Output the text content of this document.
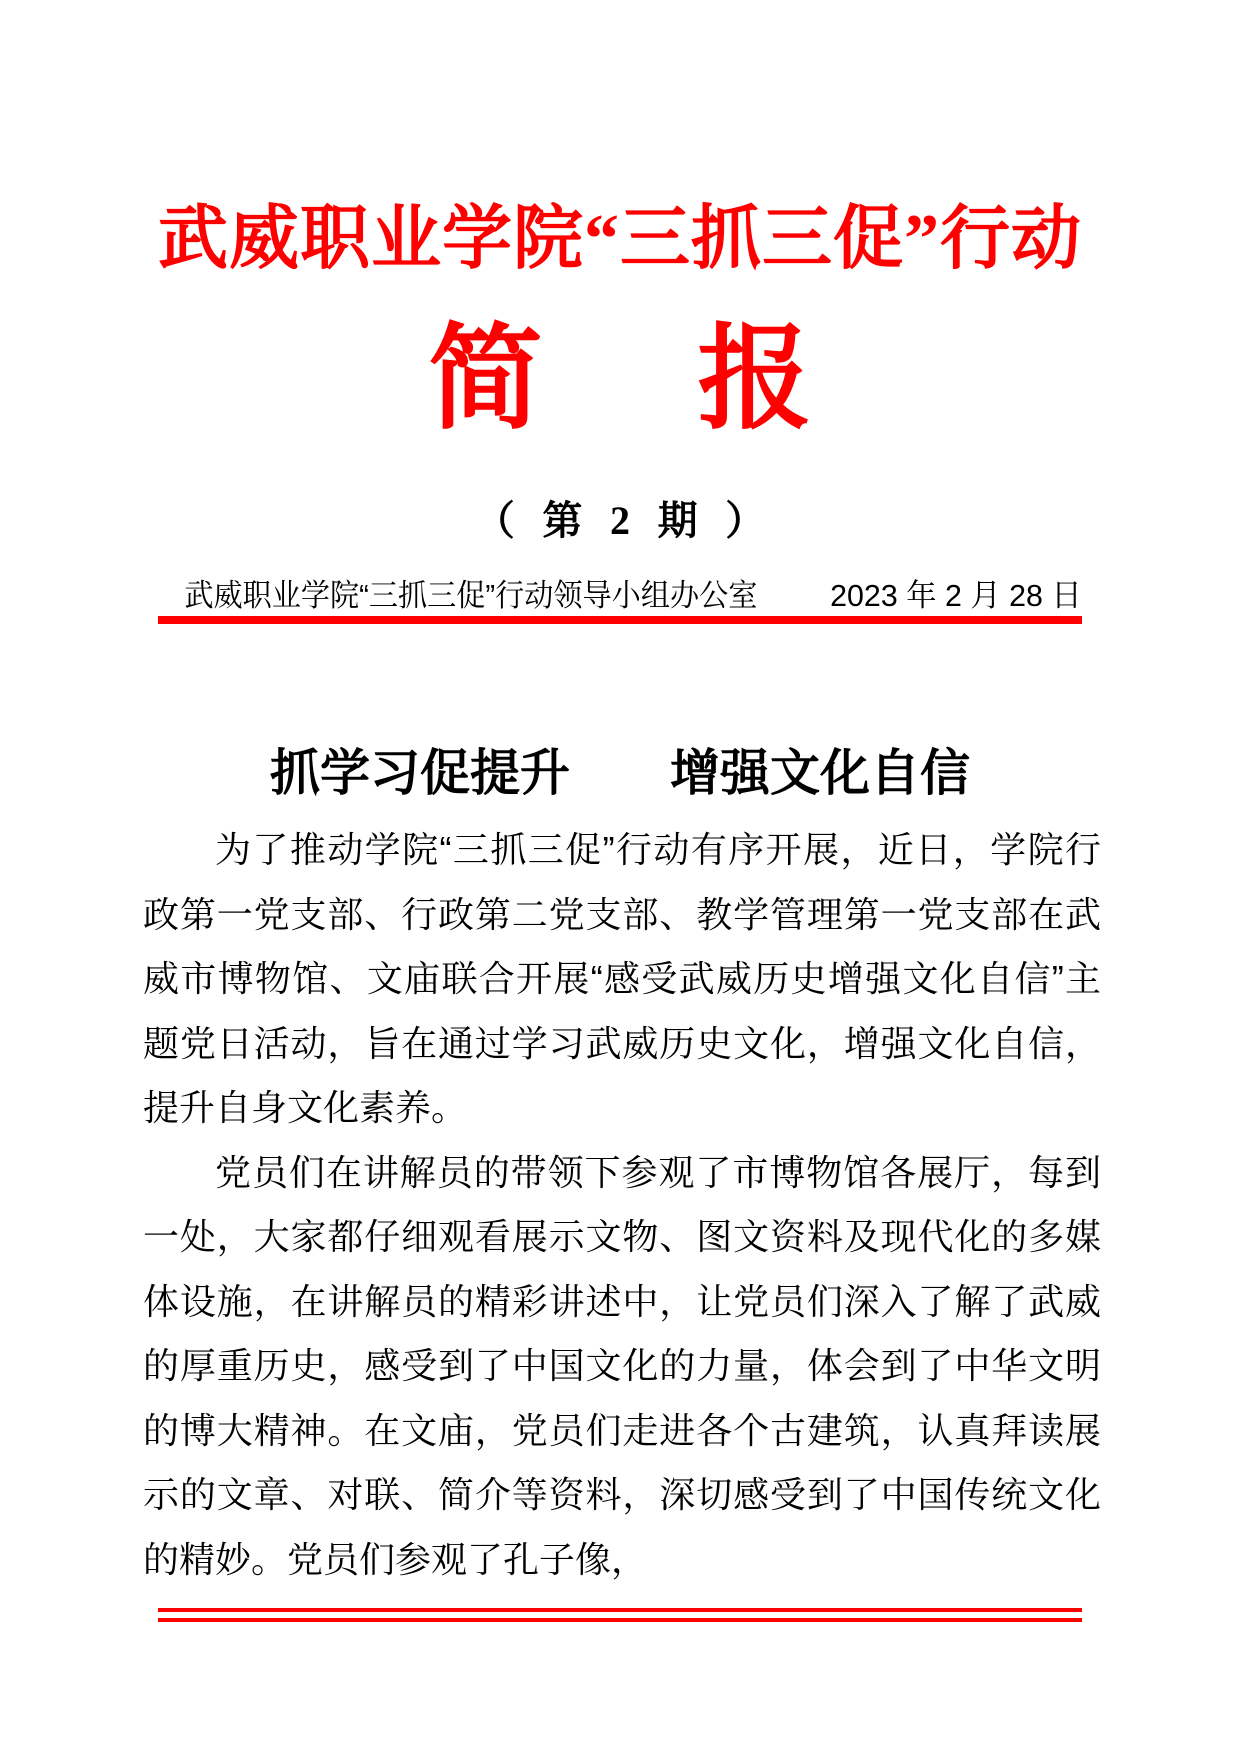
武威职业学院“三抓三促”行动
简　报
（ 第 2 期 ）
武威职业学院“三抓三促”行动领导小组办公室 2023 年 2 月 28 日
抓学习促提升　　增强文化自信

为了推动学院“三抓三促”行动有序开展，近日，学院行政第一党支部、行政第二党支部、教学管理第一党支部在武威市博物馆、文庙联合开展“感受武威历史增强文化自信”主题党日活动，旨在通过学习武威历史文化，增强文化自信，提升自身文化素养。

党员们在讲解员的带领下参观了市博物馆各展厅，每到一处，大家都仔细观看展示文物、图文资料及现代化的多媒体设施，在讲解员的精彩讲述中，让党员们深入了解了武威的厚重历史，感受到了中国文化的力量，体会到了中华文明的博大精神。在文庙，党员们走进各个古建筑，认真拜读展示的文章、对联、简介等资料，深切感受到了中国传统文化的精妙。党员们参观了孔子像，
